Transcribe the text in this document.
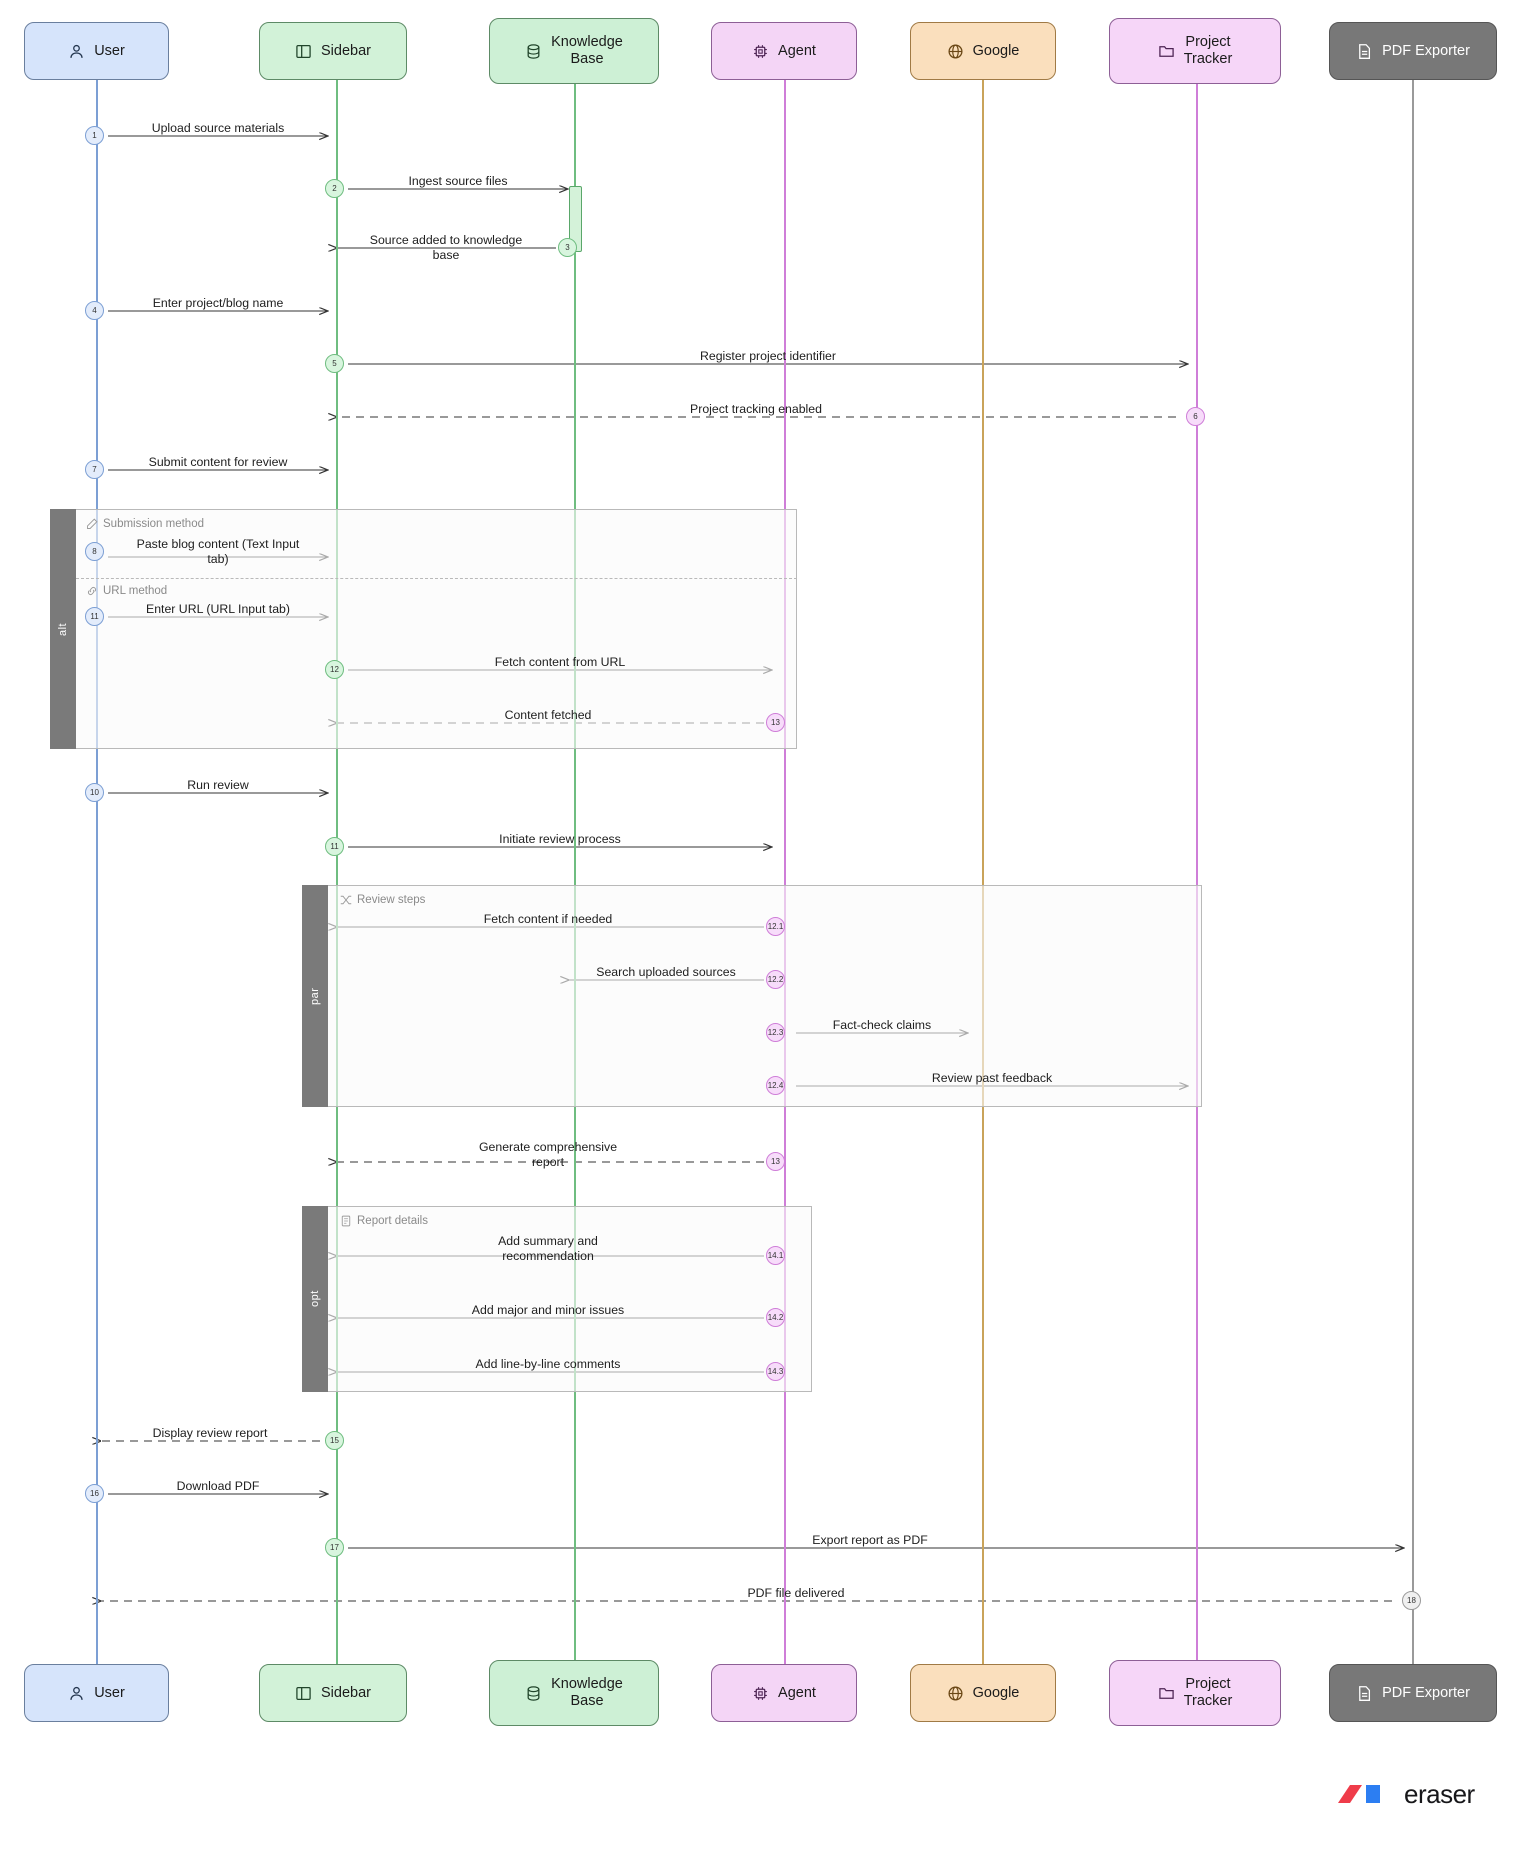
alt
Submission method
URL method
par
Review steps
opt
Report details
User	Sidebar
Knowledge
Base
Agent	Google
Project
Tracker
PDF Exporter
User	Sidebar
Knowledge
Base
Agent	Google
Project
Tracker
PDF Exporter
1
Upload source materials
2
Ingest source files
3
Source added to knowledge
base
4
Enter project/blog name
5
Register project identifier
6
Project tracking enabled
7
Submit content for review
8
Paste blog content (Text Input
tab)
11
Enter URL (URL Input tab)
12
Fetch content from URL
13
Content fetched
10
Run review
11
Initiate review process
12.1
Fetch content if needed
12.2
Search uploaded sources
12.3
Fact-check claims
12.4
Review past feedback
13
Generate comprehensive
report
14.1
Add summary and
recommendation
14.2
Add major and minor issues
14.3
Add line-by-line comments
15
Display review report
16
Download PDF
17
Export report as PDF
18
PDF file delivered
eraser
